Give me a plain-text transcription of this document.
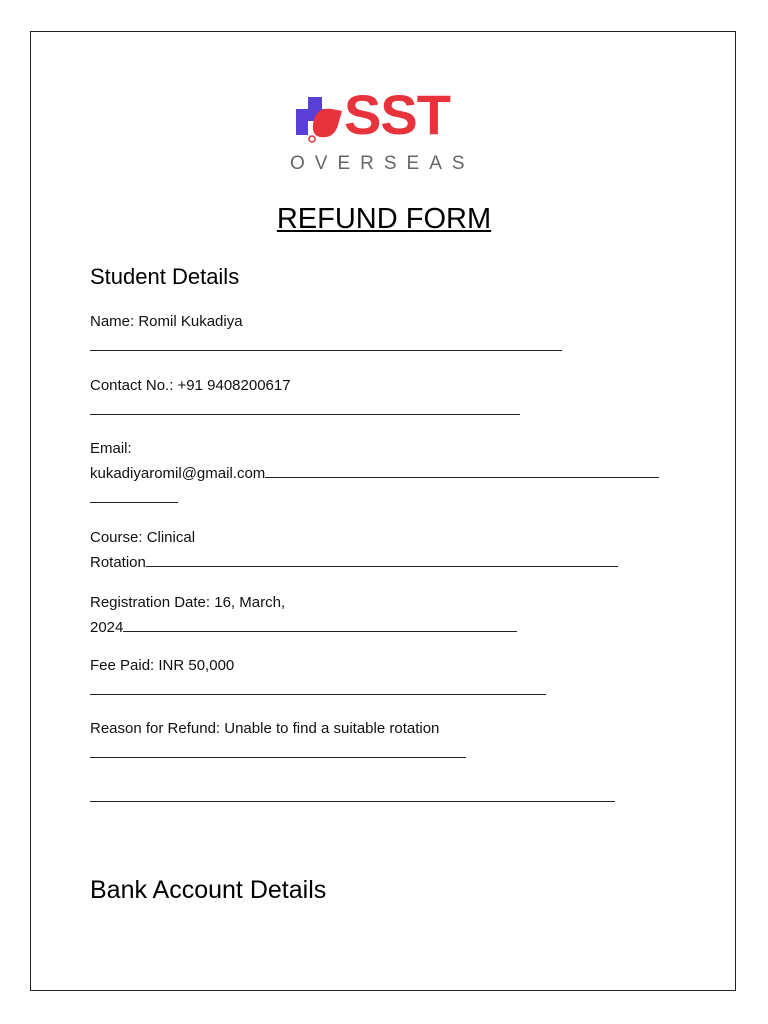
SST
OVERSEAS
REFUND FORM
Student Details
Name: Romil Kukadiya

Contact No.: +91 9408200617

Email:
kukadiyaromil@gmail.com

Course: Clinical
Rotation
Registration Date: 16, March,
2024
Fee Paid: INR 50,000

Reason for Refund: Unable to find a suitable rotation

Bank Account Details
